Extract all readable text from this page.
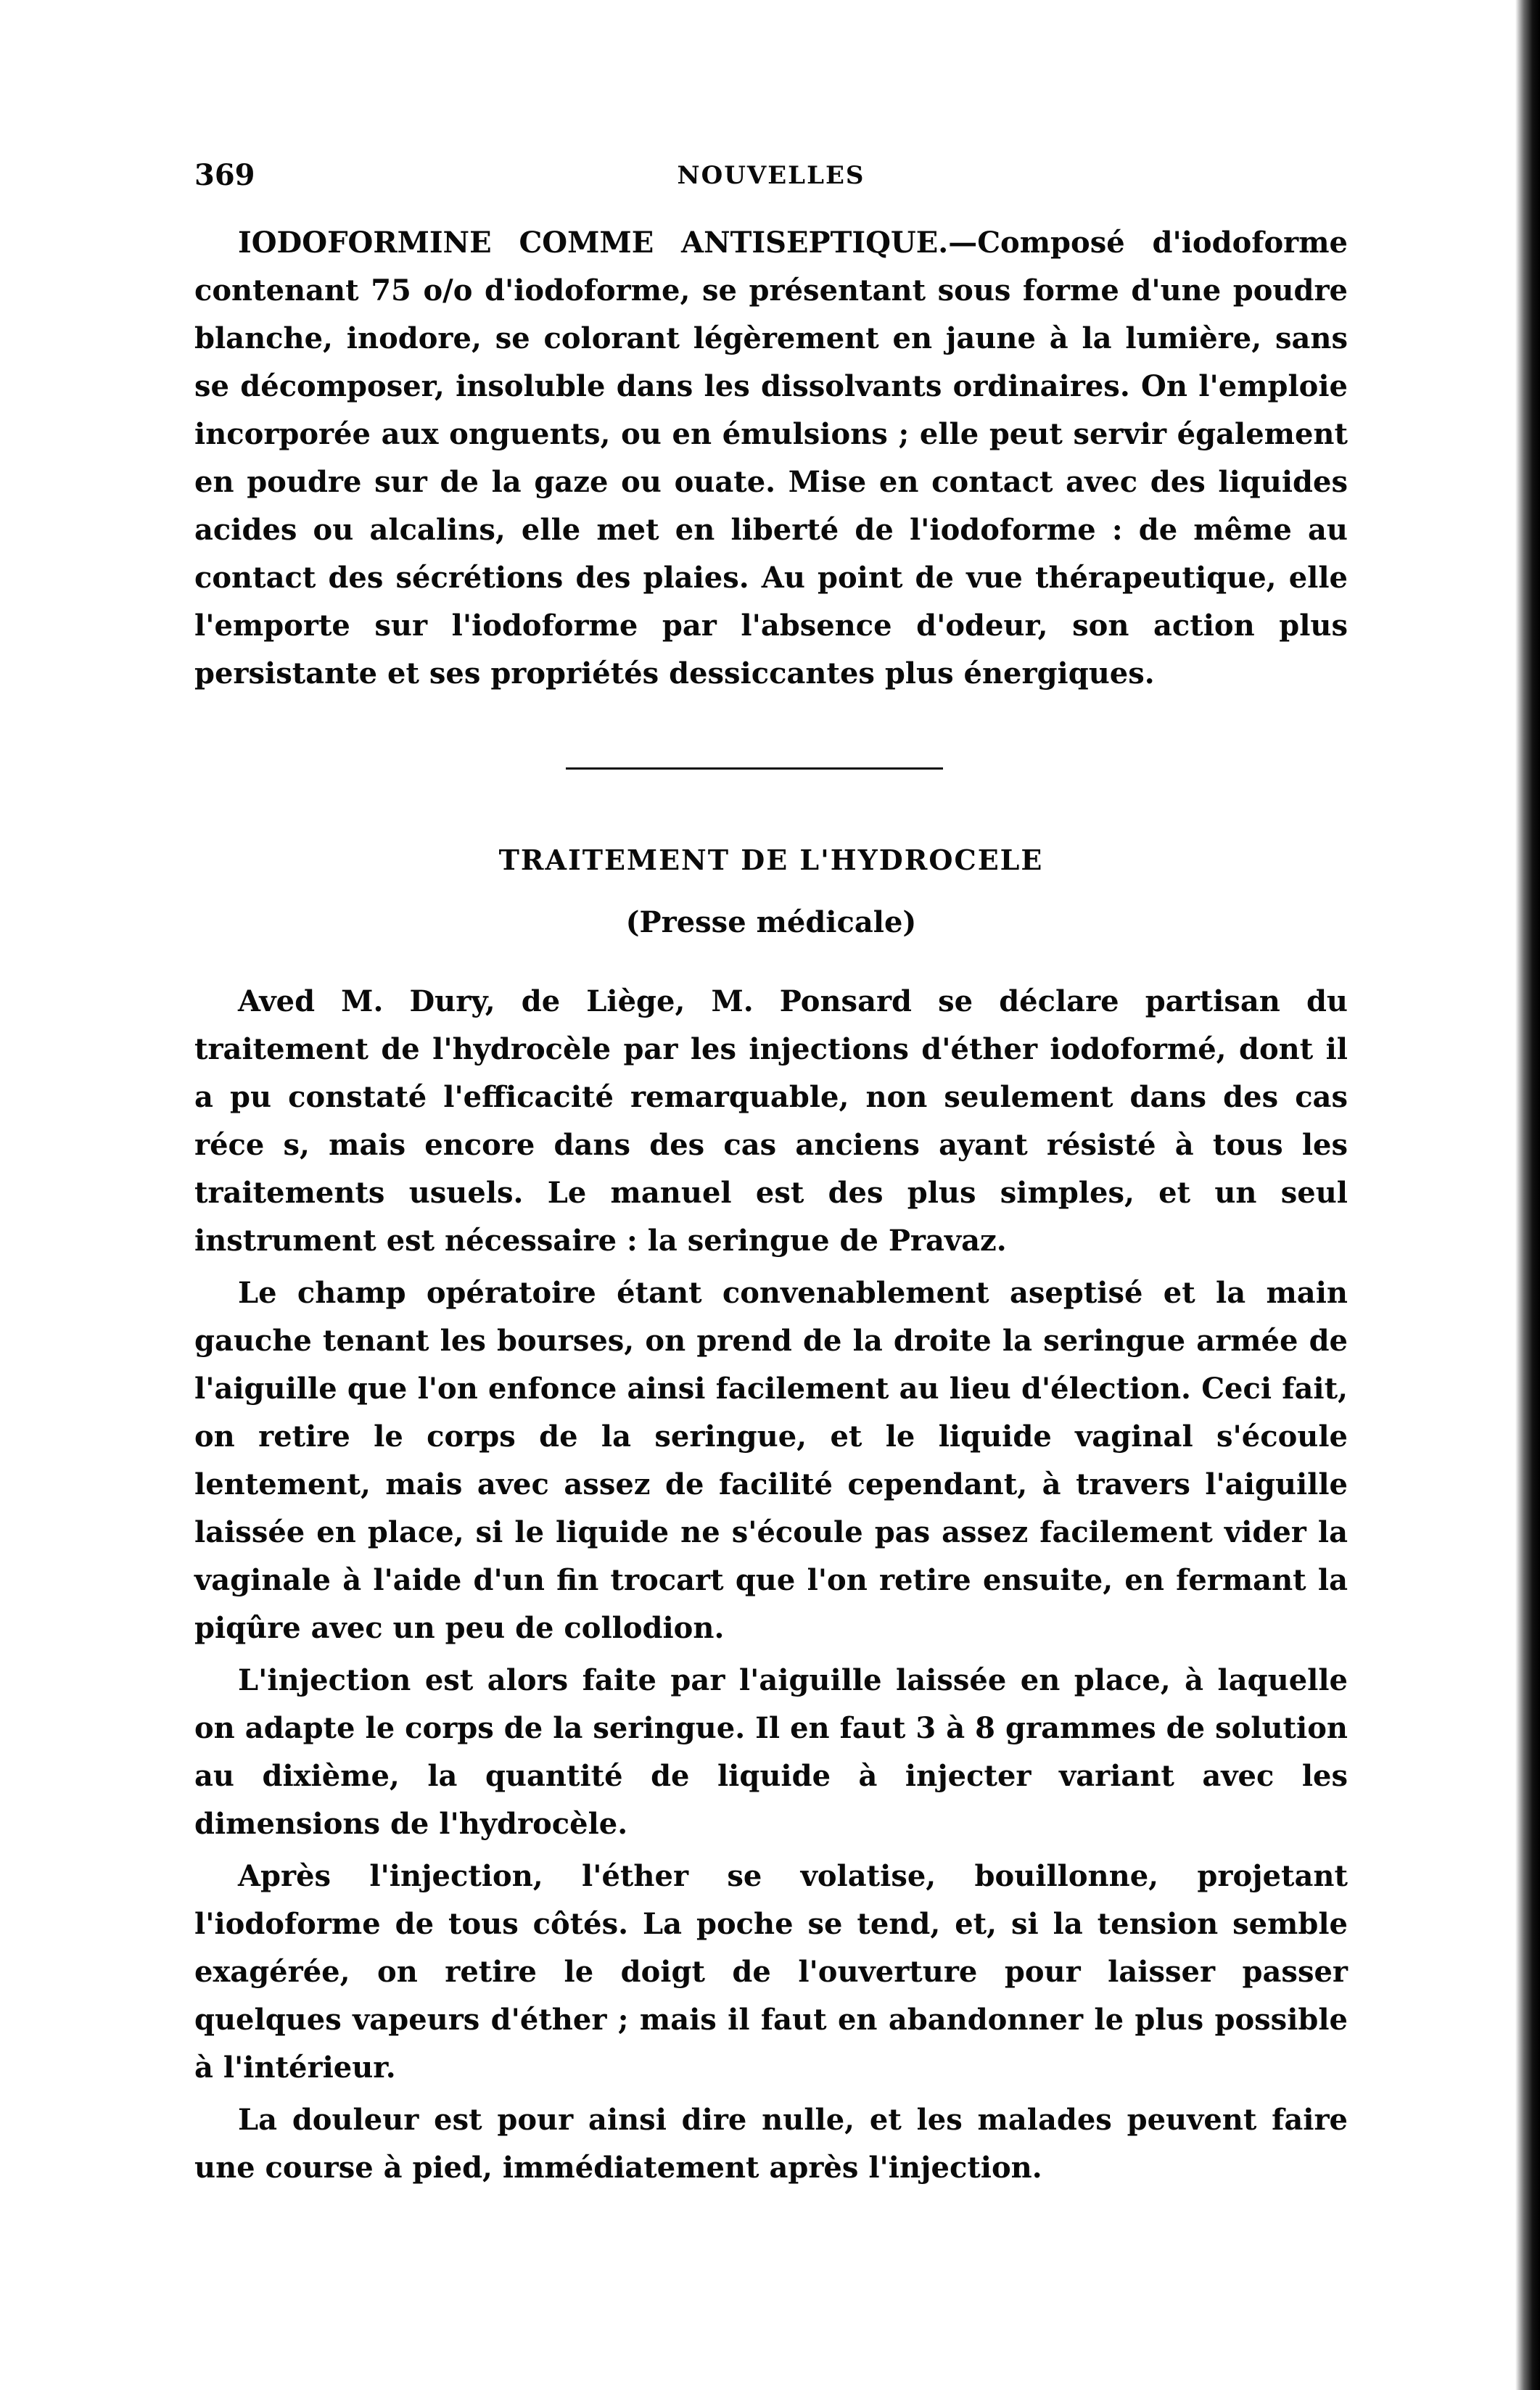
369	NOUVELLES

IODOFORMINE COMME ANTISEPTIQUE.—Composé d'iodoforme contenant 75 o/o d'iodoforme, se présentant sous forme d'une poudre blanche, inodore, se colorant légèrement en jaune à la lumière, sans se décomposer, insoluble dans les dissolvants ordinaires. On l'emploie incorporée aux onguents, ou en émulsions ; elle peut servir également en poudre sur de la gaze ou ouate. Mise en contact avec des liquides acides ou alcalins, elle met en liberté de l'iodoforme : de même au contact des sécrétions des plaies. Au point de vue thérapeutique, elle l'emporte sur l'iodoforme par l'absence d'odeur, son action plus persistante et ses propriétés dessiccantes plus énergiques.

TRAITEMENT DE L'HYDROCELE
(Presse médicale)

Aved M. Dury, de Liège, M. Ponsard se déclare partisan du traitement de l'hydrocèle par les injections d'éther iodoformé, dont il a pu constaté l'efficacité remarquable, non seulement dans des cas réce s, mais encore dans des cas anciens ayant résisté à tous les traitements usuels. Le manuel est des plus simples, et un seul instrument est nécessaire : la seringue de Pravaz.

Le champ opératoire étant convenablement aseptisé et la main gauche tenant les bourses, on prend de la droite la seringue armée de l'aiguille que l'on enfonce ainsi facilement au lieu d'élection. Ceci fait, on retire le corps de la seringue, et le liquide vaginal s'écoule lentement, mais avec assez de facilité cependant, à travers l'aiguille laissée en place, si le liquide ne s'écoule pas assez facilement vider la vaginale à l'aide d'un fin trocart que l'on retire ensuite, en fermant la piqûre avec un peu de collodion.

L'injection est alors faite par l'aiguille laissée en place, à laquelle on adapte le corps de la seringue. Il en faut 3 à 8 grammes de solution au dixième, la quantité de liquide à injecter variant avec les dimensions de l'hydrocèle.

Après l'injection, l'éther se volatise, bouillonne, projetant l'iodoforme de tous côtés. La poche se tend, et, si la tension semble exagérée, on retire le doigt de l'ouverture pour laisser passer quelques vapeurs d'éther ; mais il faut en abandonner le plus possible à l'intérieur.

La douleur est pour ainsi dire nulle, et les malades peuvent faire une course à pied, immédiatement après l'injection.
